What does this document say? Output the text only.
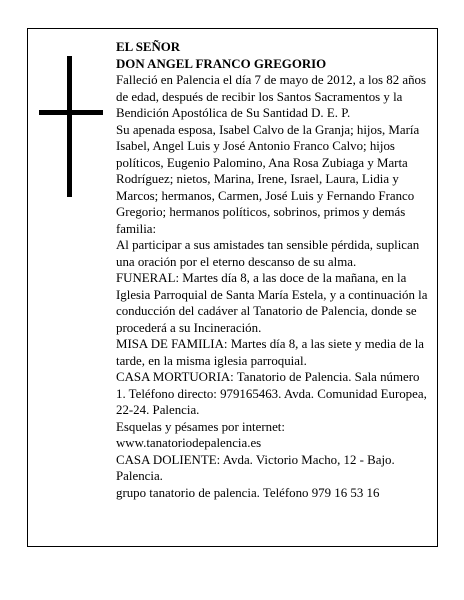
EL SEÑOR

DON ANGEL FRANCO GREGORIO

Falleció en Palencia el día 7 de mayo de 2012, a los 82 años de edad, después de recibir los Santos Sacramentos y la Bendición Apostólica de Su Santidad D. E. P.

Su apenada esposa, Isabel Calvo de la Granja; hijos, María Isabel, Angel Luis y José Antonio Franco Calvo; hijos políticos, Eugenio Palomino, Ana Rosa Zubiaga y Marta Rodríguez; nietos, Marina, Irene, Israel, Laura, Lidia y Marcos; hermanos, Carmen, José Luis y Fernando Franco Gregorio; hermanos políticos, sobrinos, primos y demás familia:

Al participar a sus amistades tan sensible pérdida, suplican una oración por el eterno descanso de su alma.

FUNERAL: Martes día 8, a las doce de la mañana, en la Iglesia Parroquial de Santa María Estela, y a continuación la conducción del cadáver al Tanatorio de Palencia, donde se procederá a su Incineración.

MISA DE FAMILIA: Martes día 8, a las siete y media de la tarde, en la misma iglesia parroquial.

CASA MORTUORIA: Tanatorio de Palencia. Sala número 1. Teléfono directo: 979165463. Avda. Comunidad Europea, 22-24. Palencia.

Esquelas y pésames por internet: www.tanatoriodepalencia.es

CASA DOLIENTE: Avda. Victorio Macho, 12 - Bajo. Palencia.

grupo tanatorio de palencia. Teléfono 979 16 53 16
